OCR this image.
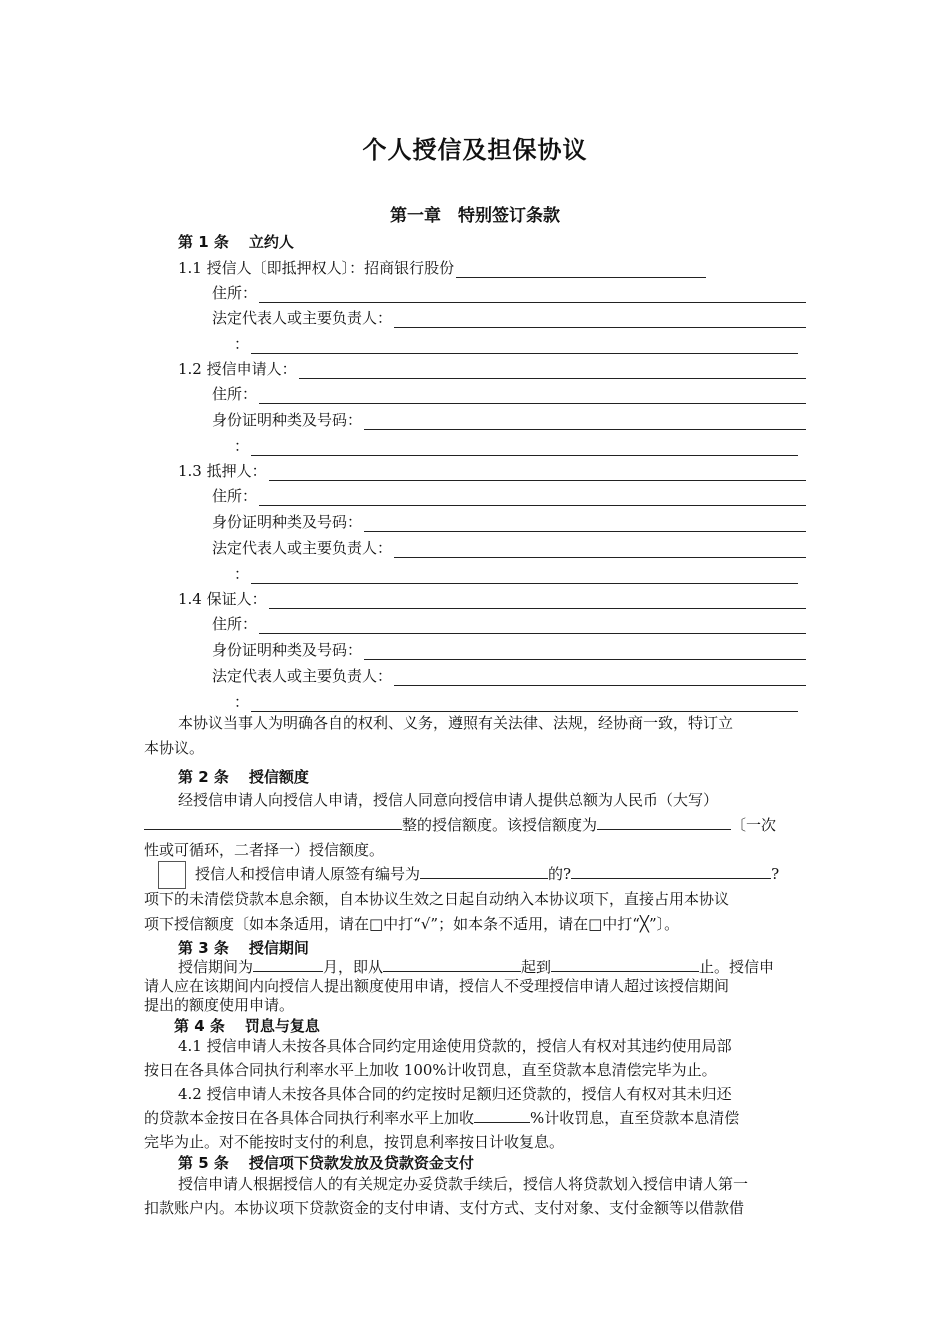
个人授信及担保协议
第一章　特别签订条款
第 1 条 立约人
1.1 授信人〔即抵押权人〕：招商银行股份
住所：
法定代表人或主要负责人：
：
1.2 授信申请人：
住所：
身份证明种类及号码：
：
1.3 抵押人：
住所：
身份证明种类及号码：
法定代表人或主要负责人：
：
1.4 保证人：
住所：
身份证明种类及号码：
法定代表人或主要负责人：
：
本协议当事人为明确各自的权利、义务，遵照有关法律、法规，经协商一致，特订立
本协议。
第 2 条 授信额度
经授信申请人向授信人申请，授信人同意向授信申请人提供总额为人民币（大写）
整的授信额度。该授信额度为	〔一次
性或可循环，二者择一）授信额度。
授信人和授信申请人原签有编号为	的?	?
项下的未清偿贷款本息余额，自本协议生效之日起自动纳入本协议项下，直接占用本协议
项下授信额度〔如本条适用，请在□中打“√”；如本条不适用，请在□中打“╳”〕。
第 3 条 授信期间
授信期间为	月，即从	起到	止。授信申
请人应在该期间内向授信人提出额度使用申请，授信人不受理授信申请人超过该授信期间
提出的额度使用申请。
第 4 条 罚息与复息
4.1 授信申请人未按各具体合同约定用途使用贷款的，授信人有权对其违约使用局部
按日在各具体合同执行利率水平上加收 100%计收罚息，直至贷款本息清偿完毕为止。
4.2 授信申请人未按各具体合同的约定按时足额归还贷款的，授信人有权对其未归还
的贷款本金按日在各具体合同执行利率水平上加收	%计收罚息，直至贷款本息清偿
完毕为止。对不能按时支付的利息，按罚息利率按日计收复息。
第 5 条 授信项下贷款发放及贷款资金支付
授信申请人根据授信人的有关规定办妥贷款手续后，授信人将贷款划入授信申请人第一
扣款账户内。本协议项下贷款资金的支付申请、支付方式、支付对象、支付金额等以借款借
